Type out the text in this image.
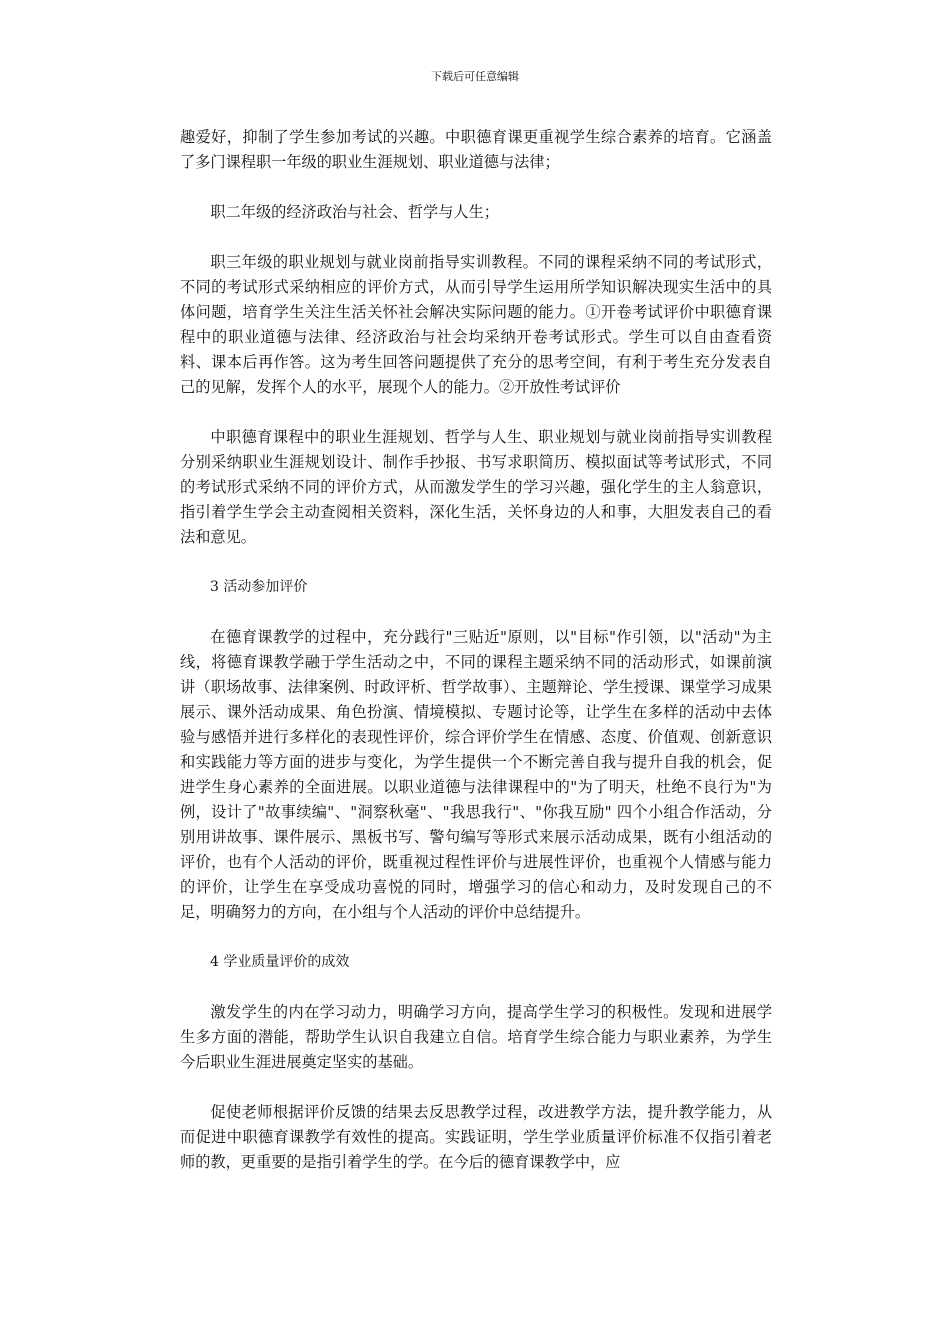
下载后可任意编辑

趣爱好，抑制了学生参加考试的兴趣。中职德育课更重视学生综合素养的培育。它涵盖了多门课程职一年级的职业生涯规划、职业道德与法律；

职二年级的经济政治与社会、哲学与人生；

职三年级的职业规划与就业岗前指导实训教程。不同的课程采纳不同的考试形式，不同的考试形式采纳相应的评价方式，从而引导学生运用所学知识解决现实生活中的具体问题，培育学生关注生活关怀社会解决实际问题的能力。①开卷考试评价中职德育课程中的职业道德与法律、经济政治与社会均采纳开卷考试形式。学生可以自由查看资料、课本后再作答。这为考生回答问题提供了充分的思考空间，有利于考生充分发表自己的见解，发挥个人的水平，展现个人的能力。②开放性考试评价

中职德育课程中的职业生涯规划、哲学与人生、职业规划与就业岗前指导实训教程分别采纳职业生涯规划设计、制作手抄报、书写求职简历、模拟面试等考试形式，不同的考试形式采纳不同的评价方式，从而激发学生的学习兴趣，强化学生的主人翁意识，指引着学生学会主动查阅相关资料，深化生活，关怀身边的人和事，大胆发表自己的看法和意见。

3 活动参加评价

在德育课教学的过程中，充分践行"三贴近"原则，以"目标"作引领，以"活动"为主线，将德育课教学融于学生活动之中，不同的课程主题采纳不同的活动形式，如课前演讲（职场故事、法律案例、时政评析、哲学故事）、主题辩论、学生授课、课堂学习成果展示、课外活动成果、角色扮演、情境模拟、专题讨论等，让学生在多样的活动中去体验与感悟并进行多样化的表现性评价，综合评价学生在情感、态度、价值观、创新意识和实践能力等方面的进步与变化，为学生提供一个不断完善自我与提升自我的机会，促进学生身心素养的全面进展。以职业道德与法律课程中的"为了明天，杜绝不良行为"为例，设计了"故事续编"、"洞察秋毫"、"我思我行"、"你我互励" 四个小组合作活动，分别用讲故事、课件展示、黑板书写、警句编写等形式来展示活动成果，既有小组活动的评价，也有个人活动的评价，既重视过程性评价与进展性评价，也重视个人情感与能力的评价，让学生在享受成功喜悦的同时，增强学习的信心和动力，及时发现自己的不足，明确努力的方向，在小组与个人活动的评价中总结提升。

4 学业质量评价的成效

激发学生的内在学习动力，明确学习方向，提高学生学习的积极性。发现和进展学生多方面的潜能，帮助学生认识自我建立自信。培育学生综合能力与职业素养，为学生今后职业生涯进展奠定坚实的基础。

促使老师根据评价反馈的结果去反思教学过程，改进教学方法，提升教学能力，从而促进中职德育课教学有效性的提高。实践证明，学生学业质量评价标准不仅指引着老师的教，更重要的是指引着学生的学。在今后的德育课教学中，应
